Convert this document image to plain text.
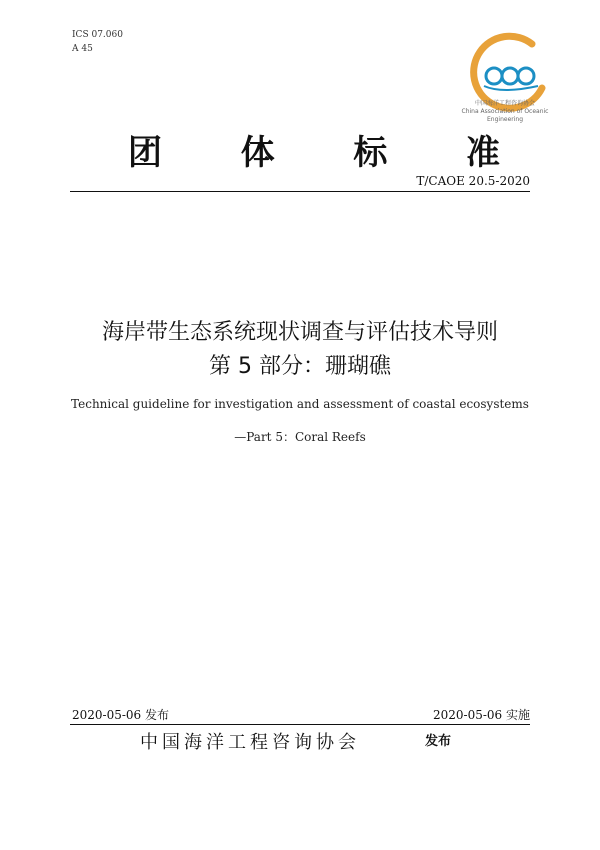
ICS 07.060
A 45
中国海洋工程咨询协会
China Association of Oceanic Engineering
团 体 标 准
T/CAOE 20.5-2020
海岸带生态系统现状调查与评估技术导则
第 5 部分：珊瑚礁
Technical guideline for investigation and assessment of coastal ecosystems
—Part 5：Coral Reefs
2020-05-06 发布	2020-05-06 实施
中国海洋工程咨询协会	发布
